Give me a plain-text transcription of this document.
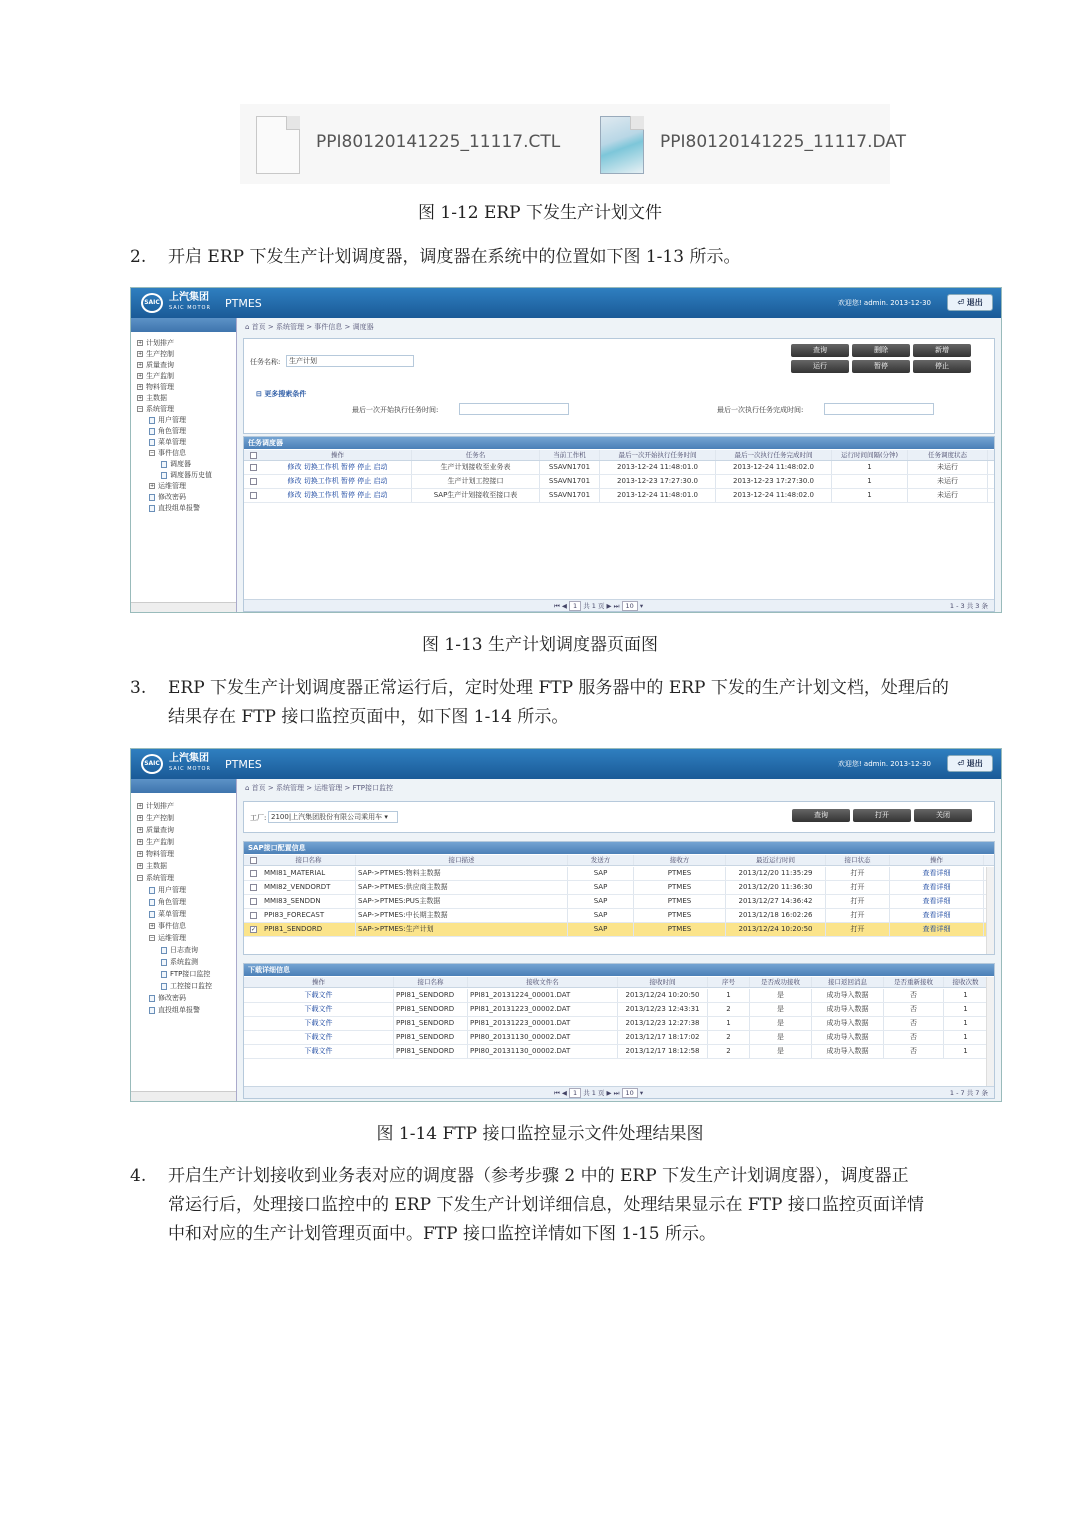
PPI80120141225_11117.CTL	PPI80120141225_11117.DAT
图 1-12 ERP 下发生产计划文件
2. 开启 ERP 下发生产计划调度器，调度器在系统中的位置如下图 1-13 所示。
SAIC 上汽集团
SAIC MOTOR PTMES	欢迎您! admin. 2013-12-30	⏎ 退出
+ 计划排产
+ 生产控制
+ 质量查询
+ 生产监制
+ 物料管理
+ 主数据
− 系统管理
用户管理
角色管理
菜单管理
− 事件信息
调度器
调度器历史值
+ 运维管理
修改密码
直投组单报警
⌂ 首页 > 系统管理 > 事件信息 > 调度器
查询	删除	新增
运行	暂停	停止
任务名称:	生产计划
⊟ 更多搜索条件
最后一次开始执行任务时间:	最后一次执行任务完成时间:
任务调度器
操作	任务名	当前工作机	最后一次开始执行任务时间	最后一次执行任务完成时间	运行时间间隔(分钟)	任务调度状态
修改 切换工作机 暂停 停止 启动	生产计划接收至业务表	SSAVN1701	2013-12-24 11:48:01.0	2013-12-24 11:48:02.0	1	未运行
修改 切换工作机 暂停 停止 启动	生产计划工控接口	SSAVN1701	2013-12-23 17:27:30.0	2013-12-23 17:27:30.0	1	未运行
修改 切换工作机 暂停 停止 启动	SAP生产计划接收至接口表	SSAVN1701	2013-12-24 11:48:01.0	2013-12-24 11:48:02.0	1	未运行
⏮ ◀ 1 共 1 页 ▶ ⏭ 10 ▾	1 - 3 共 3 条
图 1-13 生产计划调度器页面图
3. ERP 下发生产计划调度器正常运行后，定时处理 FTP 服务器中的 ERP 下发的生产计划文档，处理后的
结果存在 FTP 接口监控页面中，如下图 1-14 所示。
SAIC 上汽集团
SAIC MOTOR PTMES	欢迎您! admin. 2013-12-30	⏎ 退出
+ 计划排产
+ 生产控制
+ 质量查询
+ 生产监制
+ 物料管理
+ 主数据
− 系统管理
用户管理
角色管理
菜单管理
+ 事件信息
− 运维管理
日志查询
系统监测
FTP接口监控
工控接口监控
修改密码
直投组单报警
⌂ 首页 > 系统管理 > 运维管理 > FTP接口监控
工厂: 2100|上汽集团股份有限公司乘用车 ▾	查询	打开	关闭
SAP接口配置信息
接口名称	接口描述	发送方	接收方	最近运行时间	接口状态	操作
MMI81_MATERIAL	SAP->PTMES:物料主数据	SAP	PTMES	2013/12/20 11:35:29	打开	查看详细
MMI82_VENDORDT	SAP->PTMES:供应商主数据	SAP	PTMES	2013/12/20 11:36:30	打开	查看详细
MMI83_SENDDN	SAP->PTMES:PUS主数据	SAP	PTMES	2013/12/27 14:36:42	打开	查看详细
PPI83_FORECAST	SAP->PTMES:中长期主数据	SAP	PTMES	2013/12/18 16:02:26	打开	查看详细
✓ PPI81_SENDORD	SAP->PTMES:生产计划	SAP	PTMES	2013/12/24 10:20:50	打开	查看详细
下载详细信息
操作	接口名称	接收文件名	接收时间	序号	是否成功接收	接口返回消息	是否重新接收	接收次数
下载文件	PPI81_SENDORD	PPI81_20131224_00001.DAT	2013/12/24 10:20:50	1	是	成功导入数据	否	1
下载文件	PPI81_SENDORD	PPI81_20131223_00002.DAT	2013/12/23 12:43:31	2	是	成功导入数据	否	1
下载文件	PPI81_SENDORD	PPI81_20131223_00001.DAT	2013/12/23 12:27:38	1	是	成功导入数据	否	1
下载文件	PPI81_SENDORD	PPI80_20131130_00002.DAT	2013/12/17 18:17:02	2	是	成功导入数据	否	1
下载文件	PPI81_SENDORD	PPI80_20131130_00002.DAT	2013/12/17 18:12:58	2	是	成功导入数据	否	1
⏮ ◀ 1 共 1 页 ▶ ⏭ 10 ▾	1 - 7 共 7 条
图 1-14 FTP 接口监控显示文件处理结果图
4. 开启生产计划接收到业务表对应的调度器（参考步骤 2 中的 ERP 下发生产计划调度器），调度器正
常运行后，处理接口监控中的 ERP 下发生产计划详细信息，处理结果显示在 FTP 接口监控页面详情
中和对应的生产计划管理页面中。FTP 接口监控详情如下图 1-15 所示。
